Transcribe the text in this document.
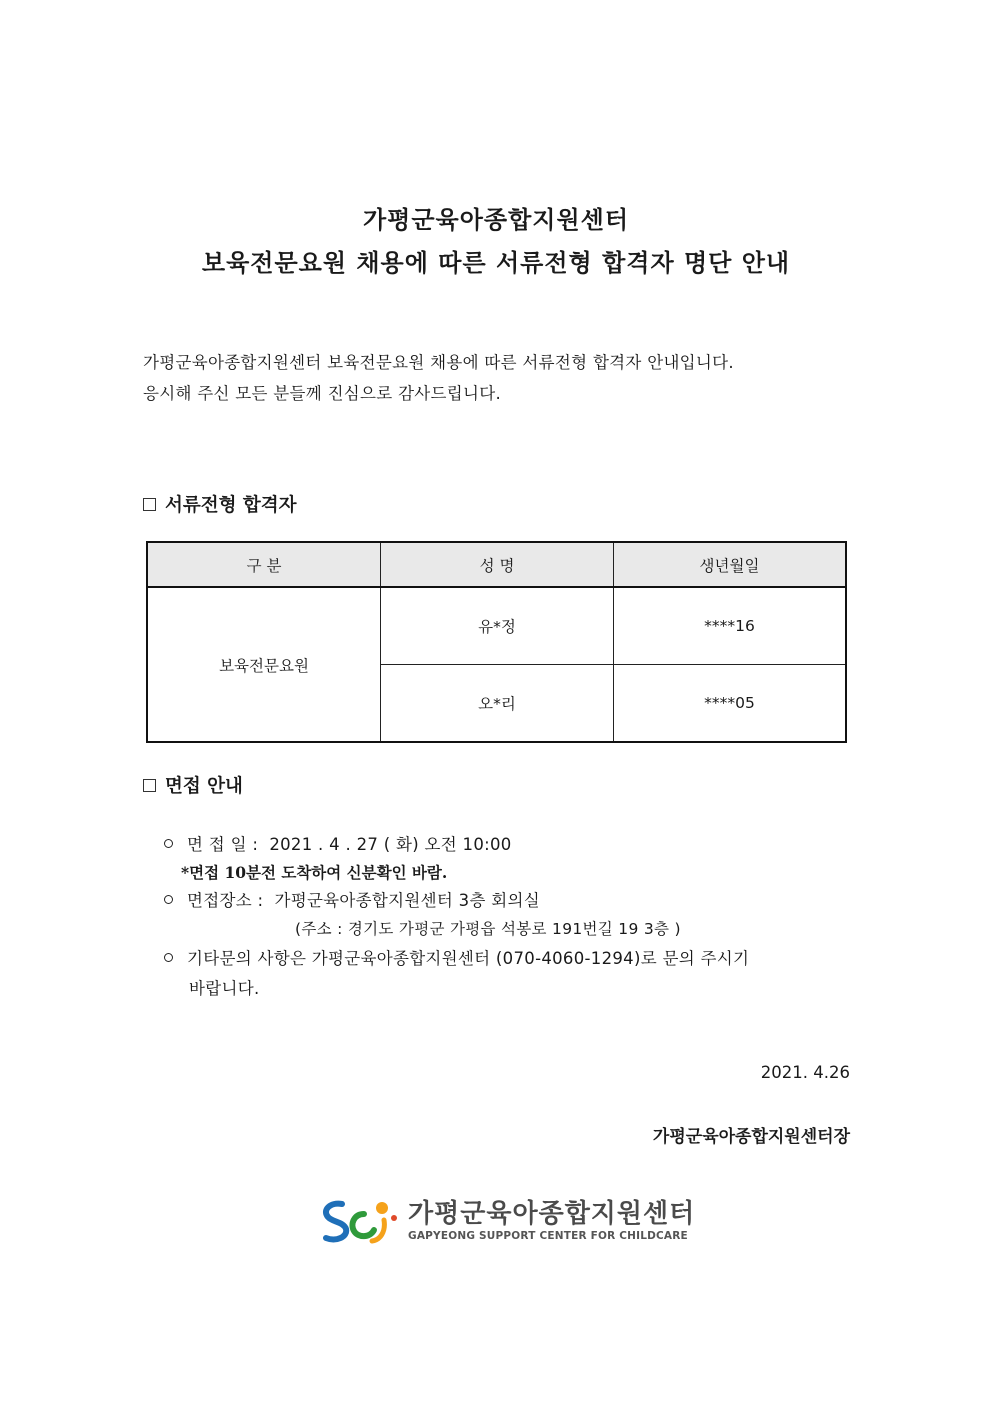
가평군육아종합지원센터
보육전문요원 채용에 따른 서류전형 합격자 명단 안내
가평군육아종합지원센터 보육전문요원 채용에 따른 서류전형 합격자 안내입니다.
응시해 주신 모든 분들께 진심으로 감사드립니다.
서류전형 합격자
구 분	성 명	생년월일
보육전문요원	유*정	****16
	오*리	****05
면접 안내
면 접 일 : 2021 . 4 . 27 ( 화) 오전 10:00
*면접 10분전 도착하여 신분확인 바람.
면접장소 : 가평군육아종합지원센터 3층 회의실
(주소 : 경기도 가평군 가평읍 석봉로 191번길 19 3층 )
기타문의 사항은 가평군육아종합지원센터 (070-4060-1294)로 문의 주시기
바랍니다.
2021. 4.26
가평군육아종합지원센터장
가평군육아종합지원센터
GAPYEONG SUPPORT CENTER FOR CHILDCARE
